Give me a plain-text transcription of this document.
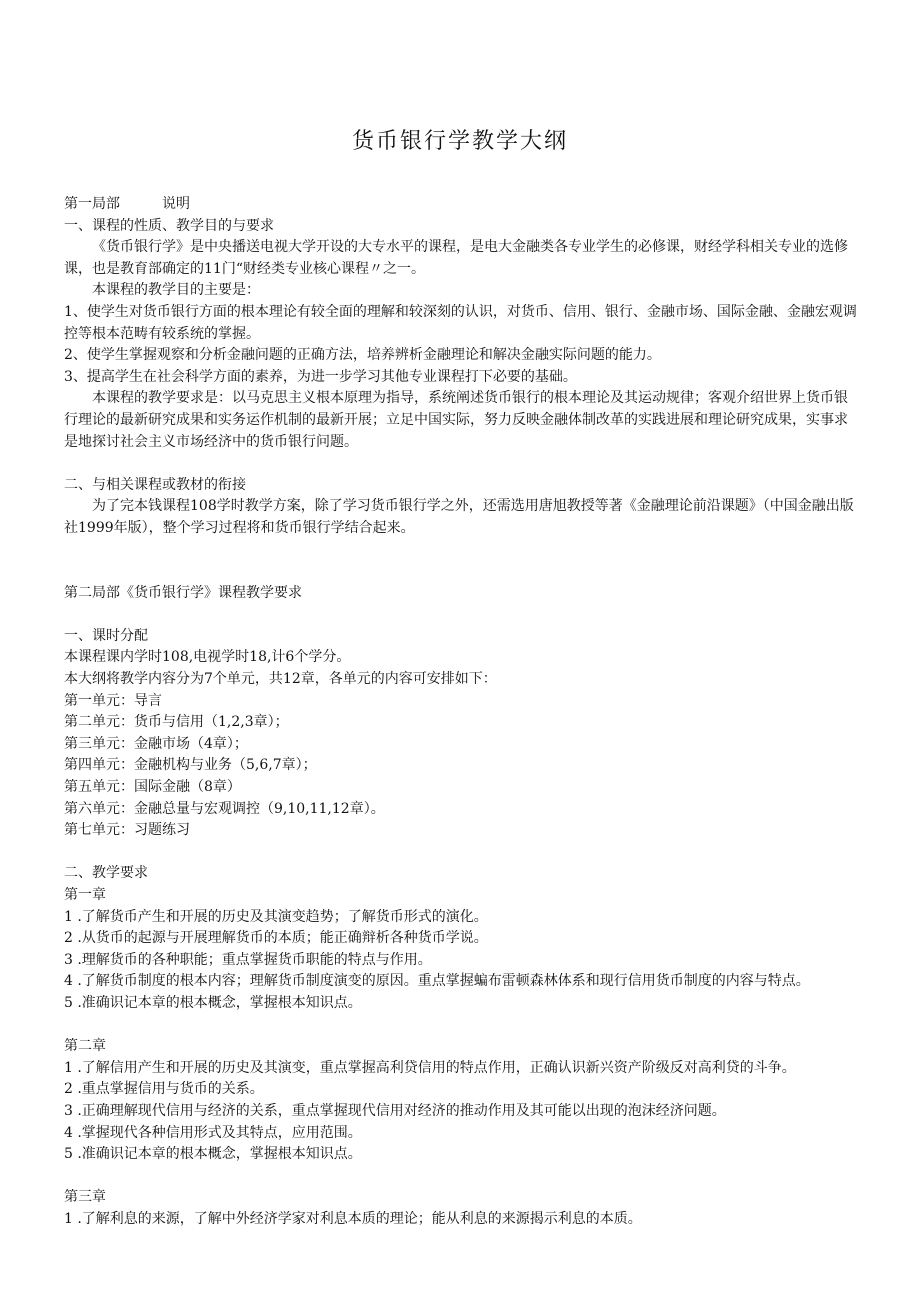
货币银行学教学大纲

第一局部	说明

一、课程的性质、教学目的与要求

《货币银行学》是中央播送电视大学开设的大专水平的课程，是电大金融类各专业学生的必修课，财经学科相关专业的选修课，也是教育部确定的11门“财经类专业核心课程〃之一。

本课程的教学目的主要是：

1、使学生对货币银行方面的根本理论有较全面的理解和较深刻的认识，对货币、信用、银行、金融市场、国际金融、金融宏观调控等根本范畴有较系统的掌握。

2、使学生掌握观察和分析金融问题的正确方法，培养辨析金融理论和解决金融实际问题的能力。

3、提高学生在社会科学方面的素养，为进一步学习其他专业课程打下必要的基础。

本课程的教学要求是：以马克思主义根本原理为指导，系统阐述货币银行的根本理论及其运动规律；客观介绍世界上货币银行理论的最新研究成果和实务运作机制的最新开展；立足中国实际，努力反映金融体制改革的实践进展和理论研究成果，实事求是地探讨社会主义市场经济中的货币银行问题。

二、与相关课程或教材的衔接

为了完本钱课程108学时教学方案，除了学习货币银行学之外，还需选用唐旭教授等著《金融理论前沿课题》（中国金融出版社1999年版），整个学习过程将和货币银行学结合起来。

第二局部《货币银行学》课程教学要求

一、课时分配

本课程课内学时108,电视学时18,计6个学分。

本大纲将教学内容分为7个单元，共12章，各单元的内容可安排如下：

第一单元：导言

第二单元：货币与信用（1,2,3章）；

第三单元：金融市场（4章）；

第四单元：金融机构与业务（5,6,7章）；

第五单元：国际金融（8章）

第六单元：金融总量与宏观调控（9,10,11,12章）。

第七单元：习题练习

二、教学要求

第一章

1 .了解货币产生和开展的历史及其演变趋势；了解货币形式的演化。

2 .从货币的起源与开展理解货币的本质；能正确辩析各种货币学说。

3 .理解货币的各种职能；重点掌握货币职能的特点与作用。

4 .了解货币制度的根本内容；理解货币制度演变的原因。重点掌握蝙布雷顿森林体系和现行信用货币制度的内容与特点。

5 .准确识记本章的根本概念，掌握根本知识点。

第二章

1 .了解信用产生和开展的历史及其演变，重点掌握高利贷信用的特点作用，正确认识新兴资产阶级反对高利贷的斗争。

2 .重点掌握信用与货币的关系。

3 .正确理解现代信用与经济的关系，重点掌握现代信用对经济的推动作用及其可能以出现的泡沫经济问题。

4 .掌握现代各种信用形式及其特点，应用范围。

5 .准确识记本章的根本概念，掌握根本知识点。

第三章

1 .了解利息的来源，了解中外经济学家对利息本质的理论；能从利息的来源揭示利息的本质。
